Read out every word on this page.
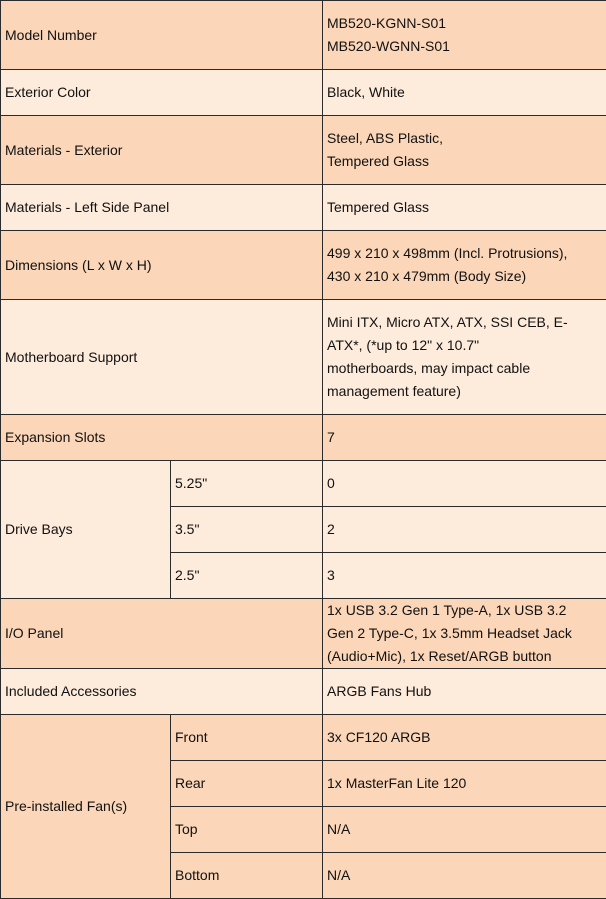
Model Number		MB520-KGNN-S01
MB520-WGNN-S01

Exterior Color		Black, White
Materials - Exterior		Steel, ABS Plastic,
Tempered Glass

Materials - Left Side Panel		Tempered Glass
Dimensions (L x W x H)		499 x 210 x 498mm (Incl. Protrusions),
430 x 210 x 479mm (Body Size)

Motherboard Support		Mini ITX, Micro ATX, ATX, SSI CEB, E-
ATX*, (*up to 12" x 10.7"
motherboards, may impact cable
management feature)

Expansion Slots		7
Drive Bays	5.25"	0
	3.5"	2
	2.5"	3
I/O Panel		1x USB 3.2 Gen 1 Type-A, 1x USB 3.2
Gen 2 Type-C, 1x 3.5mm Headset Jack
(Audio+Mic), 1x Reset/ARGB button

Included Accessories		ARGB Fans Hub
Pre-installed Fan(s)	Front	3x CF120 ARGB
	Rear	1x MasterFan Lite 120
	Top	N/A
	Bottom	N/A
